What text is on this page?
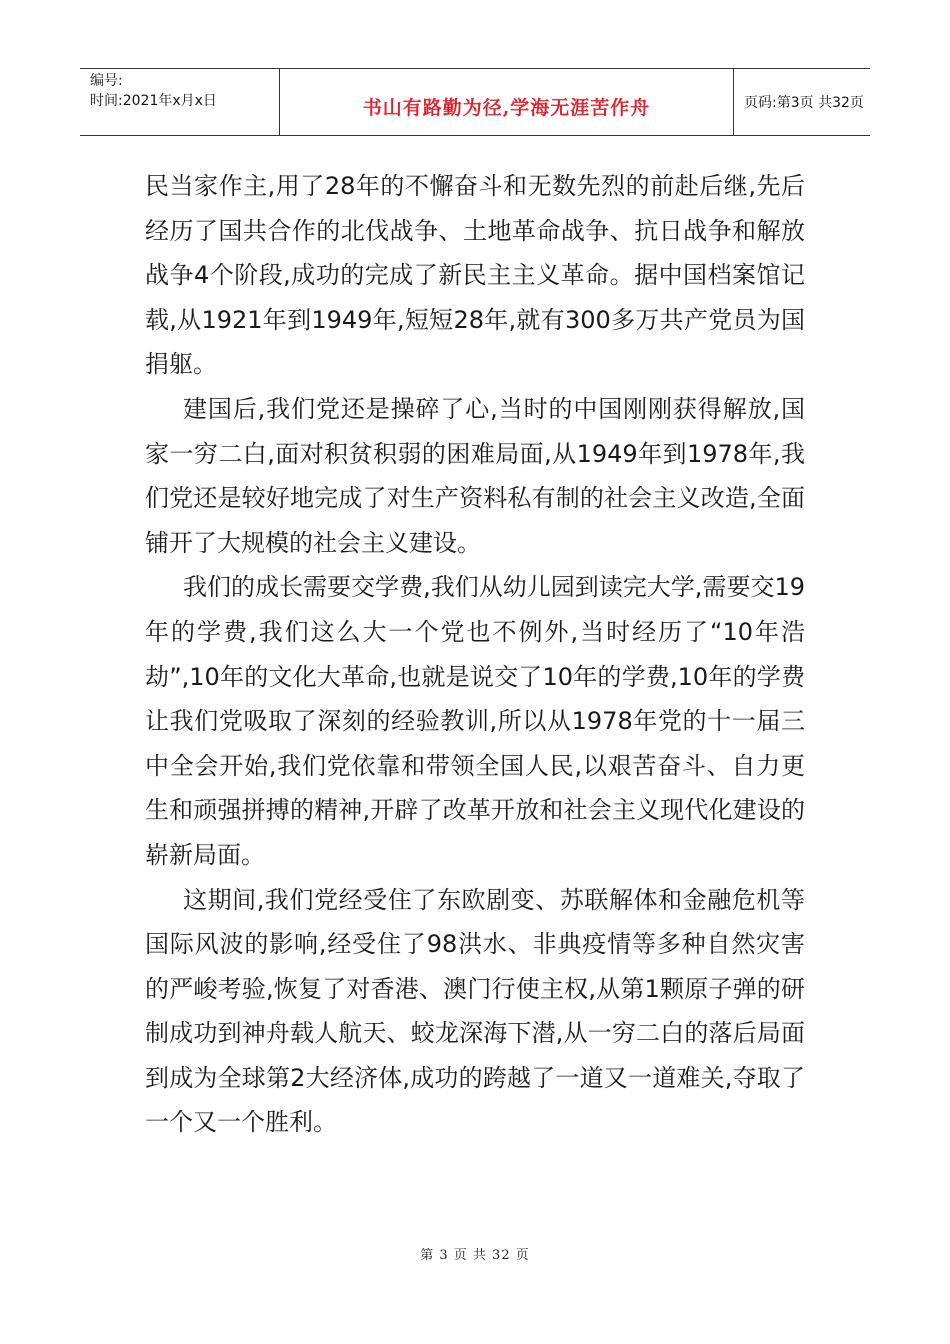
编号:
时间:2021年x月x日	书山有路勤为径,学海无涯苦作舟	页码:第3页 共32页

民当家作主,用了28年的不懈奋斗和无数先烈的前赴后继,先后经历了国共合作的北伐战争、土地革命战争、抗日战争和解放战争4个阶段,成功的完成了新民主主义革命。据中国档案馆记载,从1921年到1949年,短短28年,就有300多万共产党员为国捐躯。

建国后,我们党还是操碎了心,当时的中国刚刚获得解放,国家一穷二白,面对积贫积弱的困难局面,从1949年到1978年,我们党还是较好地完成了对生产资料私有制的社会主义改造,全面铺开了大规模的社会主义建设。

我们的成长需要交学费,我们从幼儿园到读完大学,需要交19年的学费,我们这么大一个党也不例外,当时经历了“10年浩劫”,10年的文化大革命,也就是说交了10年的学费,10年的学费让我们党吸取了深刻的经验教训,所以从1978年党的十一届三中全会开始,我们党依靠和带领全国人民,以艰苦奋斗、自力更生和顽强拼搏的精神,开辟了改革开放和社会主义现代化建设的崭新局面。

这期间,我们党经受住了东欧剧变、苏联解体和金融危机等国际风波的影响,经受住了98洪水、非典疫情等多种自然灾害的严峻考验,恢复了对香港、澳门行使主权,从第1颗原子弹的研制成功到神舟载人航天、蛟龙深海下潜,从一穷二白的落后局面到成为全球第2大经济体,成功的跨越了一道又一道难关,夺取了一个又一个胜利。

第 3 页 共 32 页
